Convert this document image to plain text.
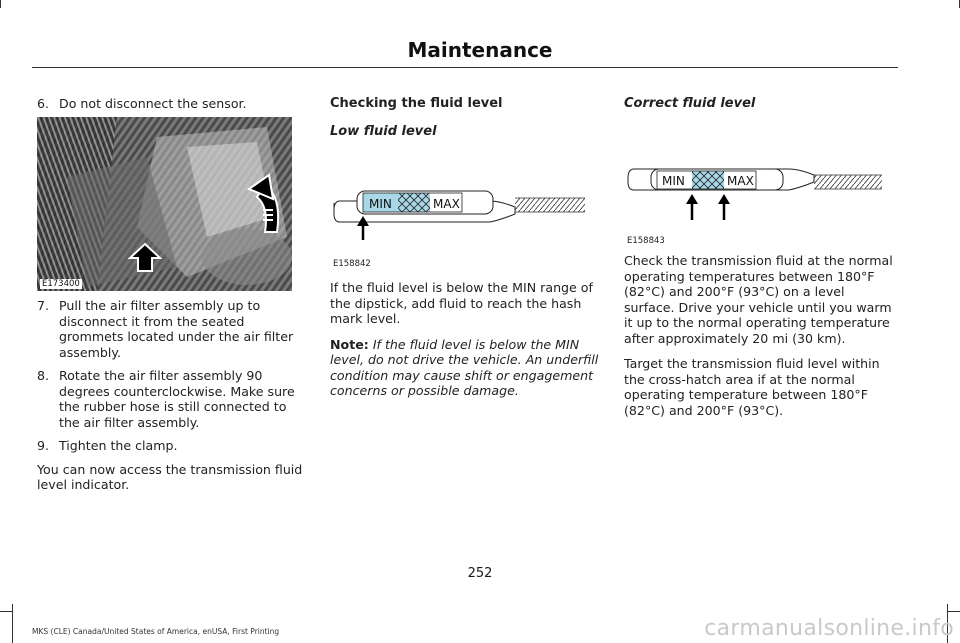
Maintenance
6. Do not disconnect the sensor.
E173400
7. Pull the air filter assembly up to disconnect it from the seated grommets located under the air filter assembly.
8. Rotate the air filter assembly 90 degrees counterclockwise. Make sure the rubber hose is still connected to the air filter assembly.
9. Tighten the clamp.

You can now access the transmission fluid level indicator.

Checking the fluid level

Low fluid level

MIN	MAX
E158842

If the fluid level is below the MIN range of the dipstick, add fluid to reach the hash mark level.

Note: If the fluid level is below the MIN level, do not drive the vehicle. An underfill condition may cause shift or engagement concerns or possible damage.

Correct fluid level

MIN	MAX
E158843

Check the transmission fluid at the normal operating temperatures between 180°F (82°C) and 200°F (93°C) on a level surface. Drive your vehicle until you warm it up to the normal operating temperature after approximately 20 mi (30 km).

Target the transmission fluid level within the cross-hatch area if at the normal operating temperature between 180°F (82°C) and 200°F (93°C).

252
MKS (CLE) Canada/United States of America, enUSA, First Printing	carmanualsonline.info
